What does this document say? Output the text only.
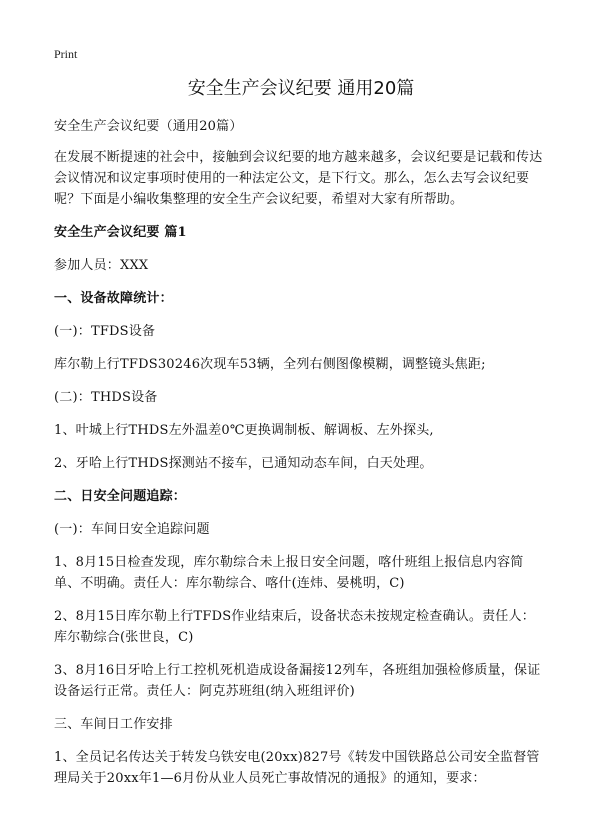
Print
安全生产会议纪要 通用20篇

安全生产会议纪要（通用20篇）

在发展不断提速的社会中，接触到会议纪要的地方越来越多，会议纪要是记载和传达会议情况和议定事项时使用的一种法定公文，是下行文。那么，怎么去写会议纪要呢？下面是小编收集整理的安全生产会议纪要，希望对大家有所帮助。

安全生产会议纪要 篇1

参加人员：XXX

一、设备故障统计：

(一)：TFDS设备

库尔勒上行TFDS30246次现车53辆，全列右侧图像模糊，调整镜头焦距;

(二)：THDS设备

1、叶城上行THDS左外温差0℃更换调制板、解调板、左外探头,

2、牙哈上行THDS探测站不接车，已通知动态车间，白天处理。

二、日安全问题追踪：

(一)：车间日安全追踪问题

1、8月15日检查发现，库尔勒综合未上报日安全问题，喀什班组上报信息内容简单、不明确。责任人：库尔勒综合、喀什(连炜、晏桃明，C)

2、8月15日库尔勒上行TFDS作业结束后，设备状态未按规定检查确认。责任人：库尔勒综合(张世良，C)

3、8月16日牙哈上行工控机死机造成设备漏接12列车，各班组加强检修质量，保证设备运行正常。责任人：阿克苏班组(纳入班组评价)

三、车间日工作安排

1、全员记名传达关于转发乌铁安电(20xx)827号《转发中国铁路总公司安全监督管理局关于20xx年1—6月份从业人员死亡事故情况的通报》的通知，要求：
